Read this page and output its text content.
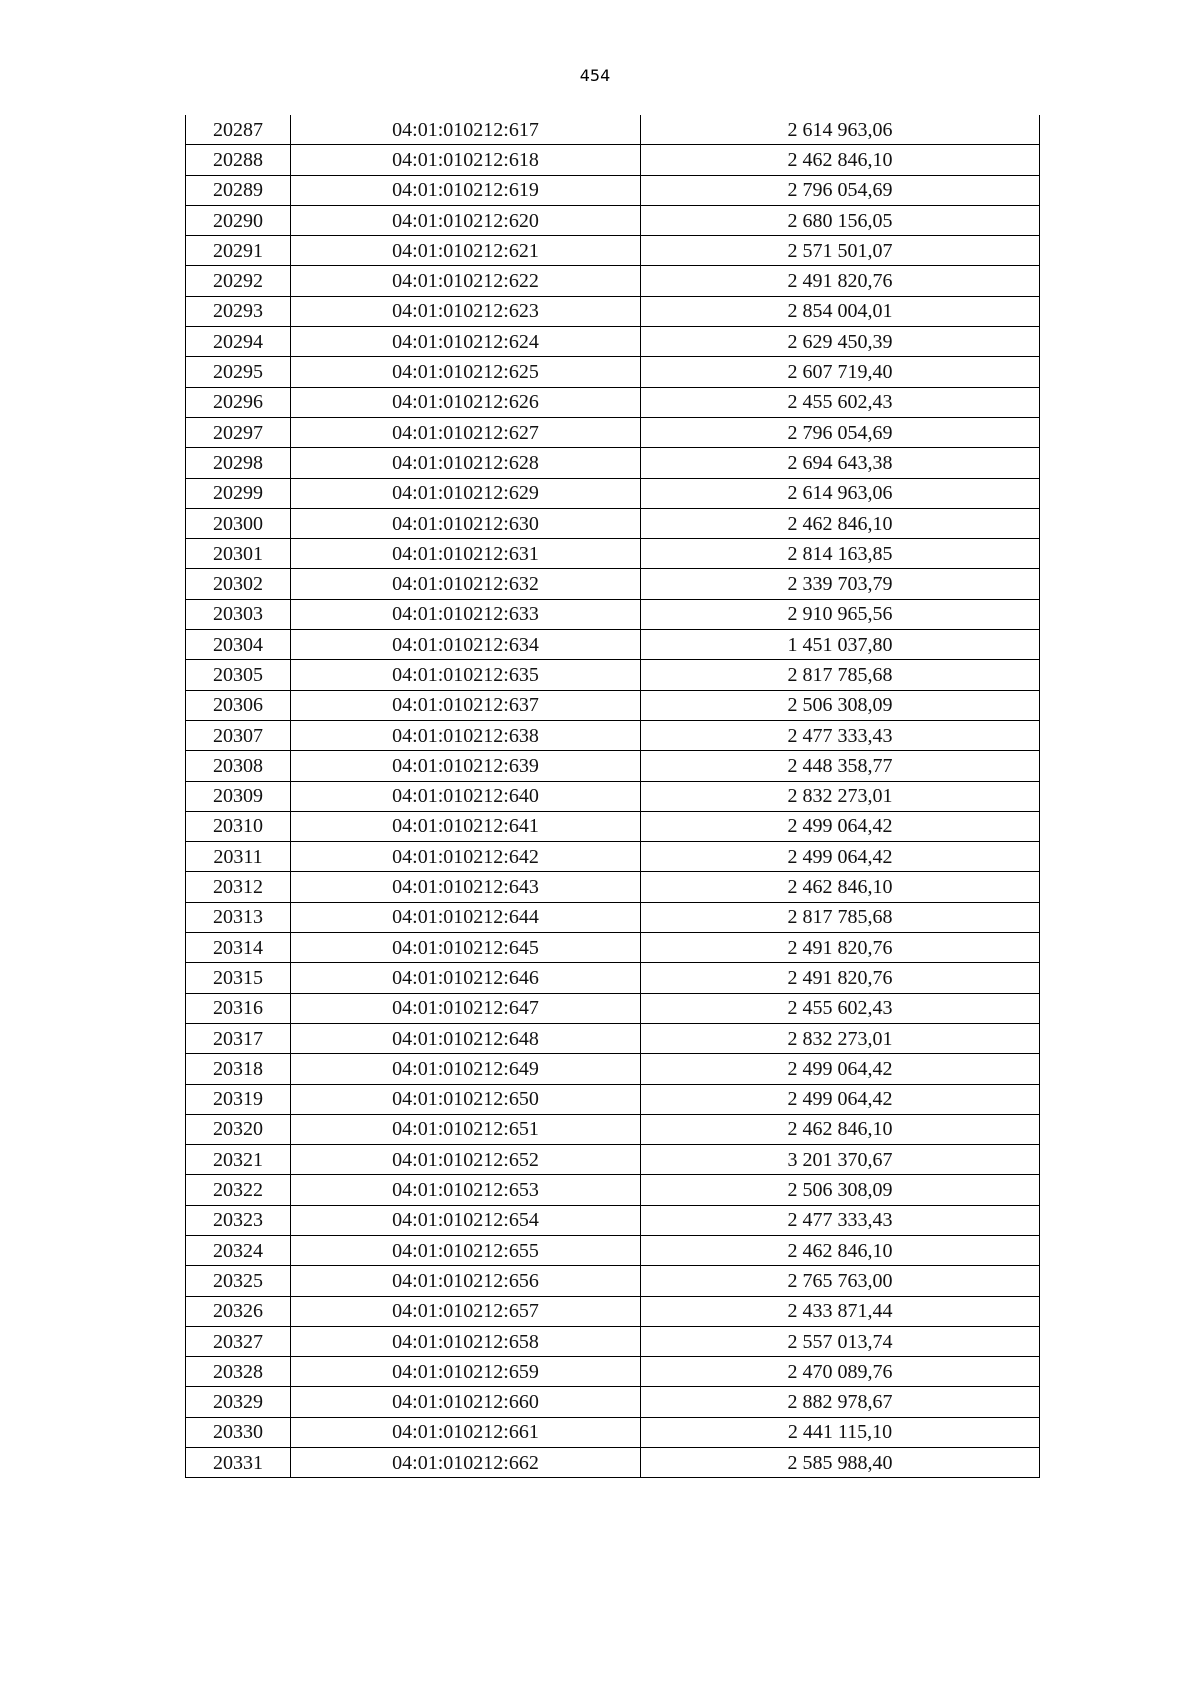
454
20287	04:01:010212:617	2 614 963,06
20288	04:01:010212:618	2 462 846,10
20289	04:01:010212:619	2 796 054,69
20290	04:01:010212:620	2 680 156,05
20291	04:01:010212:621	2 571 501,07
20292	04:01:010212:622	2 491 820,76
20293	04:01:010212:623	2 854 004,01
20294	04:01:010212:624	2 629 450,39
20295	04:01:010212:625	2 607 719,40
20296	04:01:010212:626	2 455 602,43
20297	04:01:010212:627	2 796 054,69
20298	04:01:010212:628	2 694 643,38
20299	04:01:010212:629	2 614 963,06
20300	04:01:010212:630	2 462 846,10
20301	04:01:010212:631	2 814 163,85
20302	04:01:010212:632	2 339 703,79
20303	04:01:010212:633	2 910 965,56
20304	04:01:010212:634	1 451 037,80
20305	04:01:010212:635	2 817 785,68
20306	04:01:010212:637	2 506 308,09
20307	04:01:010212:638	2 477 333,43
20308	04:01:010212:639	2 448 358,77
20309	04:01:010212:640	2 832 273,01
20310	04:01:010212:641	2 499 064,42
20311	04:01:010212:642	2 499 064,42
20312	04:01:010212:643	2 462 846,10
20313	04:01:010212:644	2 817 785,68
20314	04:01:010212:645	2 491 820,76
20315	04:01:010212:646	2 491 820,76
20316	04:01:010212:647	2 455 602,43
20317	04:01:010212:648	2 832 273,01
20318	04:01:010212:649	2 499 064,42
20319	04:01:010212:650	2 499 064,42
20320	04:01:010212:651	2 462 846,10
20321	04:01:010212:652	3 201 370,67
20322	04:01:010212:653	2 506 308,09
20323	04:01:010212:654	2 477 333,43
20324	04:01:010212:655	2 462 846,10
20325	04:01:010212:656	2 765 763,00
20326	04:01:010212:657	2 433 871,44
20327	04:01:010212:658	2 557 013,74
20328	04:01:010212:659	2 470 089,76
20329	04:01:010212:660	2 882 978,67
20330	04:01:010212:661	2 441 115,10
20331	04:01:010212:662	2 585 988,40
